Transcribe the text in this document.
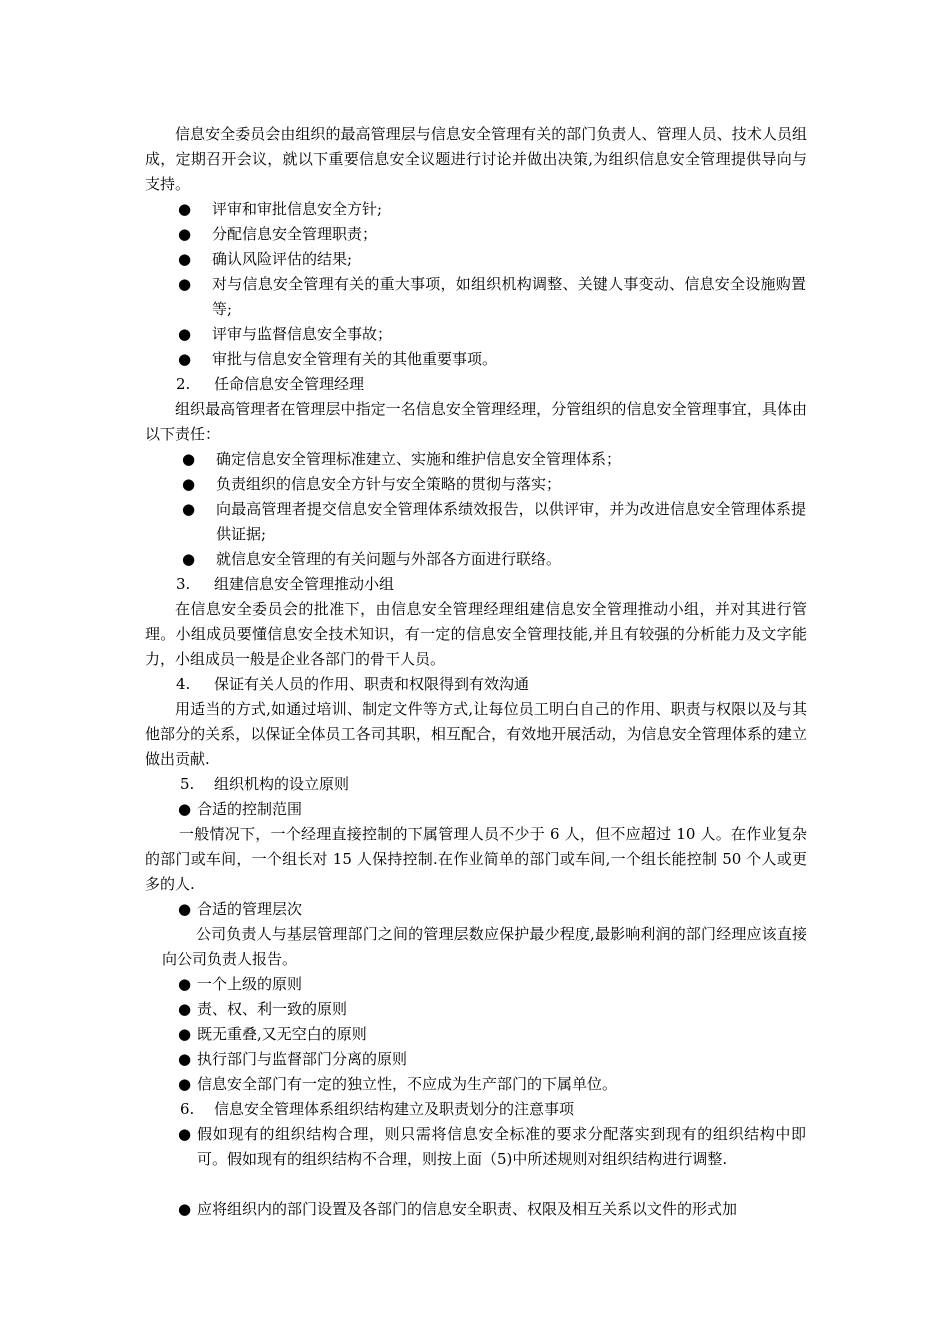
信息安全委员会由组织的最高管理层与信息安全管理有关的部门负责人、管理人员、技术人员组成，定期召开会议，就以下重要信息安全议题进行讨论并做出决策,为组织信息安全管理提供导向与支持。
●	评审和审批信息安全方针;
●	分配信息安全管理职责；
●	确认风险评估的结果;
●	对与信息安全管理有关的重大事项，如组织机构调整、关键人事变动、信息安全设施购置等;
●	评审与监督信息安全事故；
●	审批与信息安全管理有关的其他重要事项。
2. 任命信息安全管理经理
组织最高管理者在管理层中指定一名信息安全管理经理，分管组织的信息安全管理事宜，具体由以下责任：
●	确定信息安全管理标准建立、实施和维护信息安全管理体系；
●	负责组织的信息安全方针与安全策略的贯彻与落实；
●	向最高管理者提交信息安全管理体系绩效报告，以供评审，并为改进信息安全管理体系提供证据;
●	就信息安全管理的有关问题与外部各方面进行联络。
3. 组建信息安全管理推动小组
在信息安全委员会的批准下，由信息安全管理经理组建信息安全管理推动小组，并对其进行管理。小组成员要懂信息安全技术知识，有一定的信息安全管理技能,并且有较强的分析能力及文字能力，小组成员一般是企业各部门的骨干人员。
4. 保证有关人员的作用、职责和权限得到有效沟通
用适当的方式,如通过培训、制定文件等方式,让每位员工明白自己的作用、职责与权限以及与其他部分的关系，以保证全体员工各司其职，相互配合，有效地开展活动，为信息安全管理体系的建立做出贡献.
5. 组织机构的设立原则
● 合适的控制范围
一般情况下，一个经理直接控制的下属管理人员不少于 6 人，但不应超过 10 人。在作业复杂的部门或车间，一个组长对 15 人保持控制.在作业简单的部门或车间,一个组长能控制 50 个人或更多的人.
● 合适的管理层次
公司负责人与基层管理部门之间的管理层数应保护最少程度,最影响利润的部门经理应该直接向公司负责人报告。
● 一个上级的原则
● 责、权、利一致的原则
● 既无重叠,又无空白的原则
● 执行部门与监督部门分离的原则
● 信息安全部门有一定的独立性，不应成为生产部门的下属单位。
6. 信息安全管理体系组织结构建立及职责划分的注意事项
● 假如现有的组织结构合理，则只需将信息安全标准的要求分配落实到现有的组织结构中即可。假如现有的组织结构不合理，则按上面（5)中所述规则对组织结构进行调整.
● 应将组织内的部门设置及各部门的信息安全职责、权限及相互关系以文件的形式加
